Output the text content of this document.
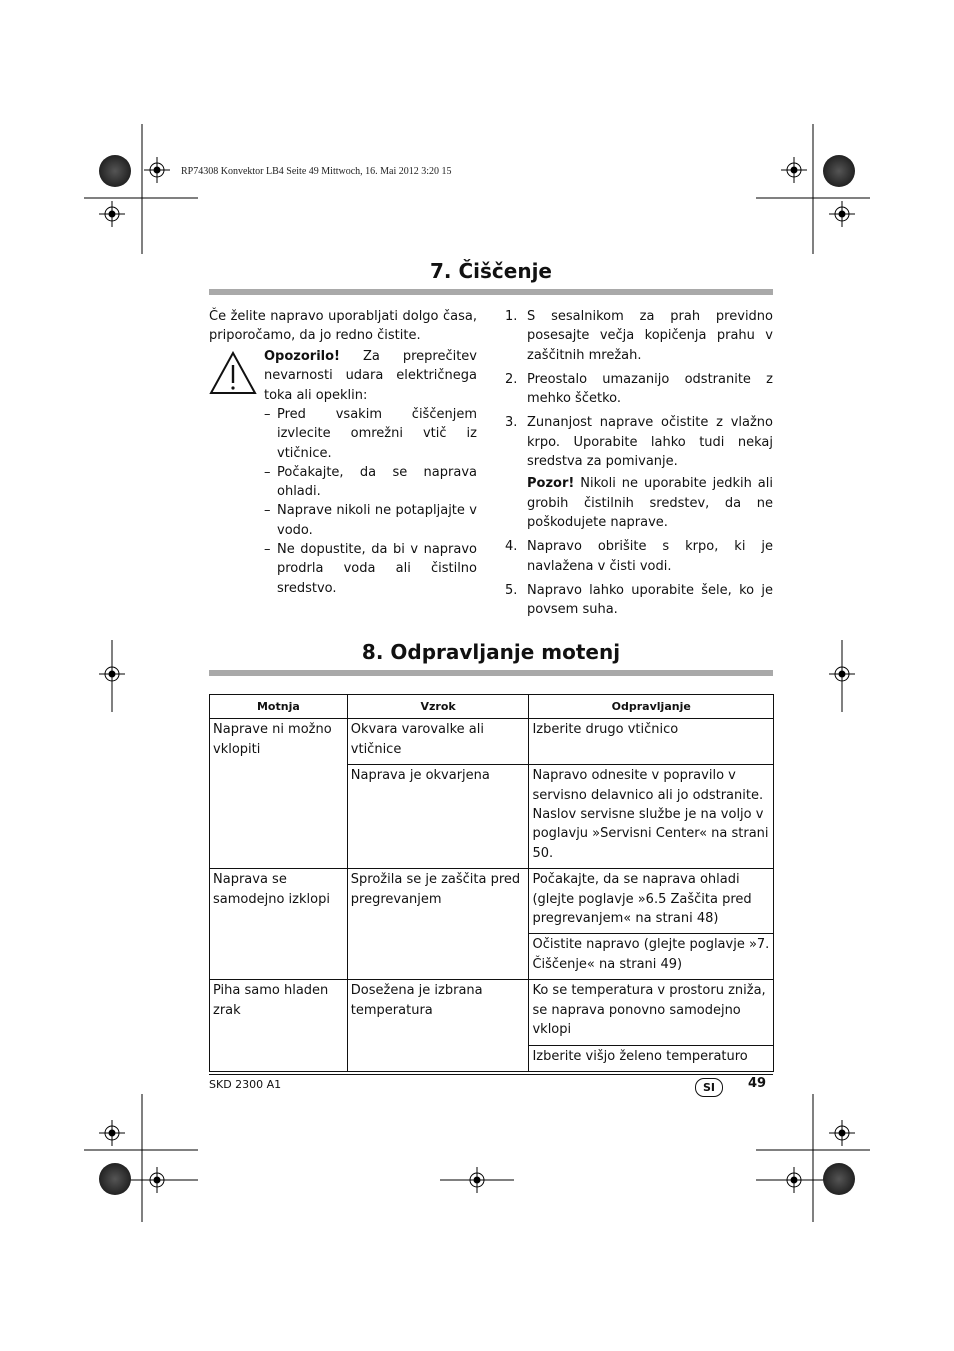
RP74308 Konvektor LB4 Seite 49 Mittwoch, 16. Mai 2012 3:20 15
7. Čiščenje
Če želite napravo uporabljati dolgo časa, priporočamo, da jo redno čistite.

Opozorilo! Za preprečitev nevarnosti udara električnega toka ali opeklin:

– Pred vsakim čiščenjem izvlecite omrežni vtič iz vtičnice.

– Počakajte, da se naprava ohladi.

– Naprave nikoli ne potapljajte v vodo.

– Ne dopustite, da bi v napravo prodrla voda ali čistilno sredstvo.

1. S sesalnikom za prah previdno posesajte večja kopičenja prahu v zaščitnih mrežah.

2. Preostalo umazanijo odstranite z mehko ščetko.

3. Zunanjost naprave očistite z vlažno krpo. Uporabite lahko tudi nekaj sredstva za pomivanje.

Pozor! Nikoli ne uporabite jedkih ali grobih čistilnih sredstev, da ne poškodujete naprave.

4. Napravo obrišite s krpo, ki je navlažena v čisti vodi.

5. Napravo lahko uporabite šele, ko je povsem suha.

8. Odpravljanje motenj
Motnja	Vzrok	Odpravljanje
Naprave ni možno vklopiti	Okvara varovalke ali vtičnice	Izberite drugo vtičnico
	Naprava je okvarjena	Napravo odnesite v popravilo v servisno delavnico ali jo odstranite. Naslov servisne službe je na voljo v poglavju »Servisni Center« na strani 50.
Naprava se samodejno izklopi	Sprožila se je zaščita pred pregrevanjem	Počakajte, da se naprava ohladi (glejte poglavje »6.5 Zaščita pred pregrevanjem« na strani 48)
		Očistite napravo (glejte poglavje »7. Čiščenje« na strani 49)
Piha samo hladen zrak	Dosežena je izbrana temperatura	Ko se temperatura v prostoru zniža, se naprava ponovno samodejno vklopi
		Izberite višjo želeno temperaturo
SKD 2300 A1	SI	49
